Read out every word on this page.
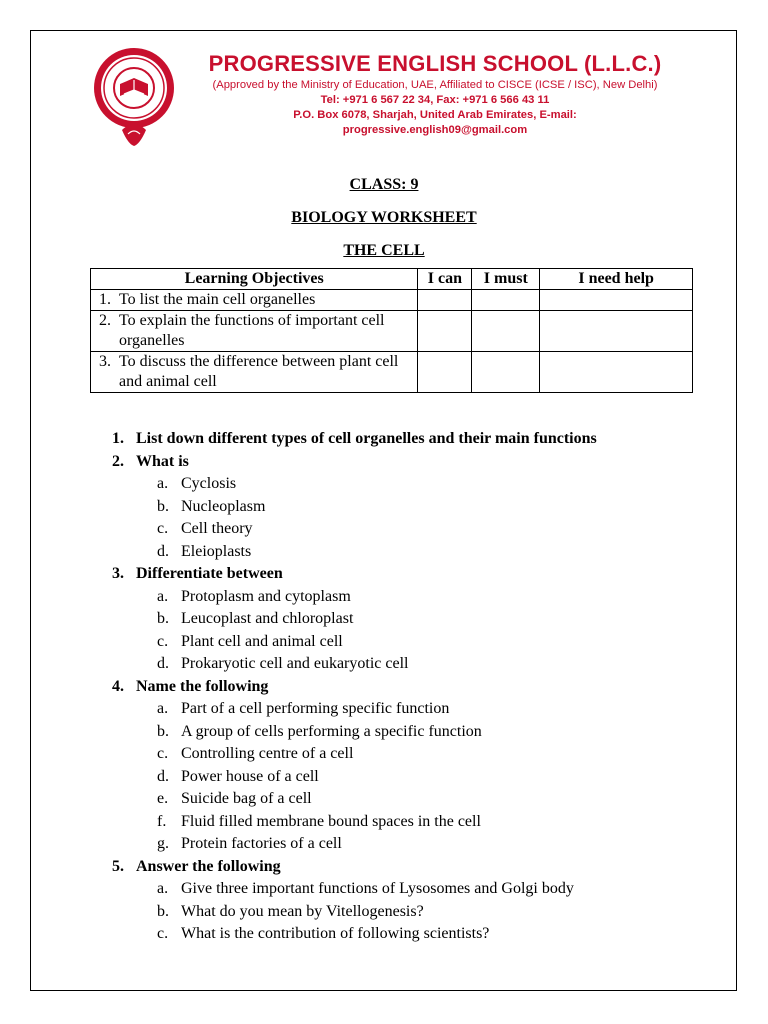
PROGRESSIVE ENGLISH SCHOOL (L.L.C.)
(Approved by the Ministry of Education, UAE, Affiliated to CISCE (ICSE / ISC), New Delhi)
Tel: +971 6 567 22 34, Fax: +971 6 566 43 11
P.O. Box 6078, Sharjah, United Arab Emirates, E-mail: progressive.english09@gmail.com
CLASS: 9
BIOLOGY WORKSHEET
THE CELL
Learning Objectives	I can	I must	I need help
1. To list the main cell organelles			
2. To explain the functions of important cell organelles			
3. To discuss the difference between plant cell and animal cell			
1. List down different types of cell organelles and their main functions
2. What is
a. Cyclosis
b. Nucleoplasm
c. Cell theory
d. Eleioplasts
3. Differentiate between
a. Protoplasm and cytoplasm
b. Leucoplast and chloroplast
c. Plant cell and animal cell
d. Prokaryotic cell and eukaryotic cell
4. Name the following
a. Part of a cell performing specific function
b. A group of cells performing a specific function
c. Controlling centre of a cell
d. Power house of a cell
e. Suicide bag of a cell
f. Fluid filled membrane bound spaces in the cell
g. Protein factories of a cell
5. Answer the following
a. Give three important functions of Lysosomes and Golgi body
b. What do you mean by Vitellogenesis?
c. What is the contribution of following scientists?
